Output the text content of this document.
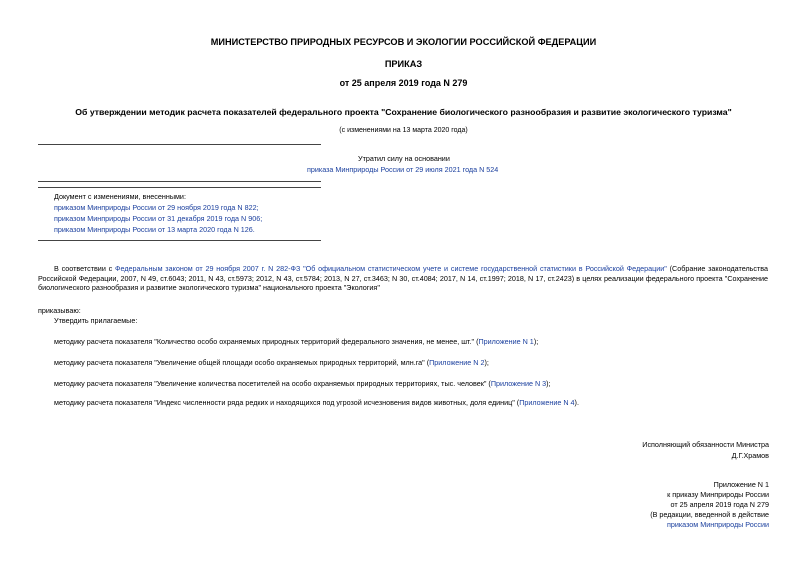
МИНИСТЕРСТВО ПРИРОДНЫХ РЕСУРСОВ И ЭКОЛОГИИ РОССИЙСКОЙ ФЕДЕРАЦИИ
ПРИКАЗ
от 25 апреля 2019 года N 279
Об утверждении методик расчета показателей федерального проекта "Сохранение биологического разнообразия и развитие экологического туризма"
(с изменениями на 13 марта 2020 года)
Утратил силу на основании
приказа Минприроды России от 29 июля 2021 года N 524
Документ с изменениями, внесенными:
приказом Минприроды России от 29 ноября 2019 года N 822;
приказом Минприроды России от 31 декабря 2019 года N 906;
приказом Минприроды России от 13 марта 2020 года N 126.
В соответствии с Федеральным законом от 29 ноября 2007 г. N 282-ФЗ "Об официальном статистическом учете и системе государственной статистики в Российской Федерации" (Собрание законодательства Российской Федерации, 2007, N 49, ст.6043; 2011, N 43, ст.5973; 2012, N 43, ст.5784; 2013, N 27, ст.3463; N 30, ст.4084; 2017, N 14, ст.1997; 2018, N 17, ст.2423) в целях реализации федерального проекта "Сохранение биологического разнообразия и развитие экологического туризма" национального проекта "Экология"
приказываю:
Утвердить прилагаемые:
методику расчета показателя "Количество особо охраняемых природных территорий федерального значения, не менее, шт." (Приложение N 1);
методику расчета показателя "Увеличение общей площади особо охраняемых природных территорий, млн.га" (Приложение N 2);
методику расчета показателя "Увеличение количества посетителей на особо охраняемых природных территориях, тыс. человек" (Приложение N 3);
методику расчета показателя "Индекс численности ряда редких и находящихся под угрозой исчезновения видов животных, доля единиц" (Приложение N 4).
Исполняющий обязанности Министра
Д.Г.Храмов
Приложение N 1
к приказу Минприроды России
от 25 апреля 2019 года N 279
(В редакции, введенной в действие
приказом Минприроды России
